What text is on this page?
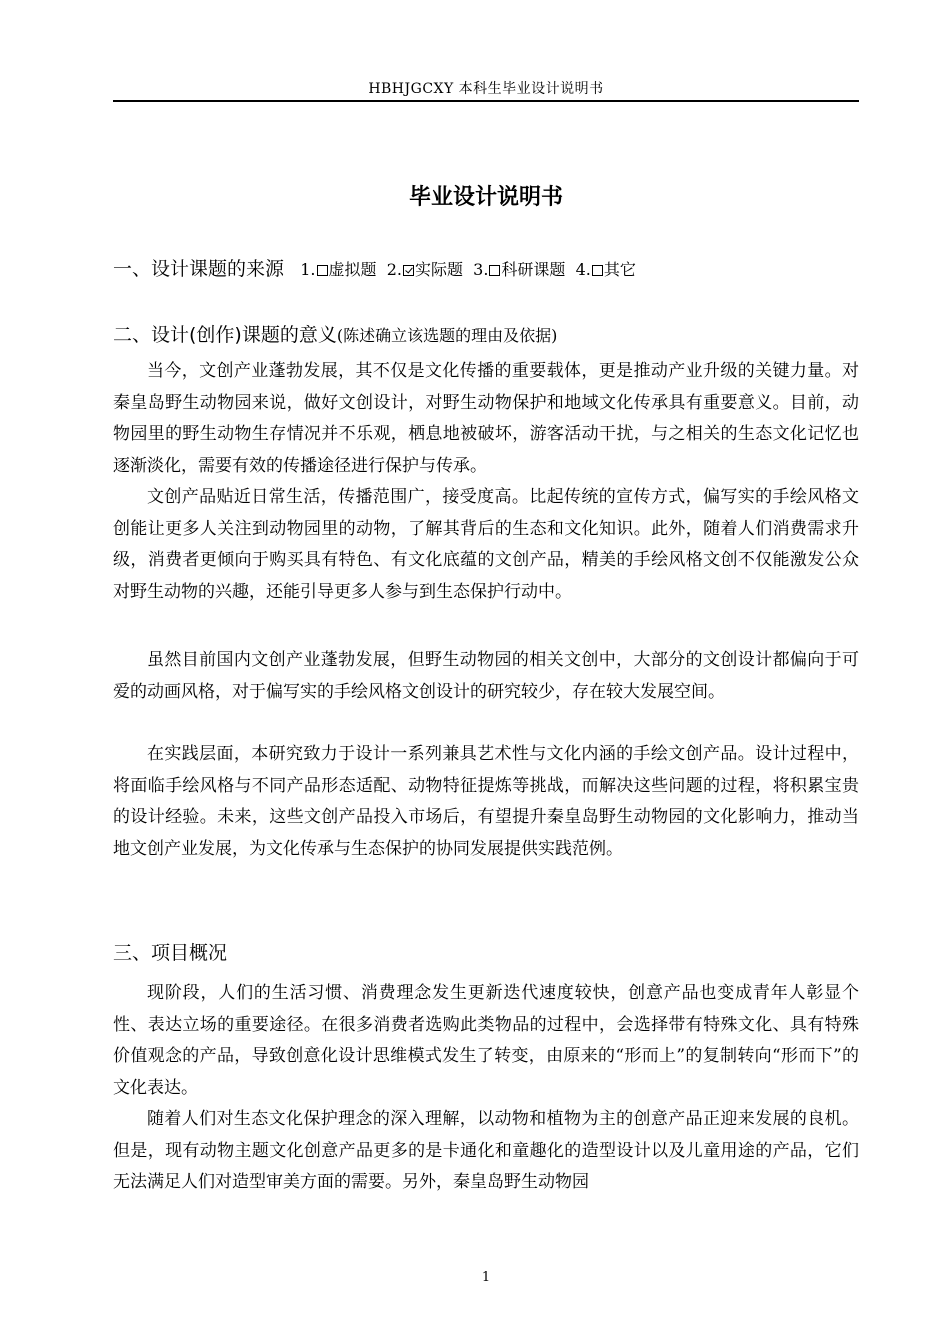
HBHJGCXY 本科生毕业设计说明书
毕业设计说明书
一、设计课题的来源 1. 虚拟题 2. 实际题 3. 科研课题 4. 其它
二、设计(创作)课题的意义(陈述确立该选题的理由及依据)

当今，文创产业蓬勃发展，其不仅是文化传播的重要载体，更是推动产业升级的关键力量。对秦皇岛野生动物园来说，做好文创设计，对野生动物保护和地域文化传承具有重要意义。目前，动物园里的野生动物生存情况并不乐观，栖息地被破坏，游客活动干扰，与之相关的生态文化记忆也逐渐淡化，需要有效的传播途径进行保护与传承。

文创产品贴近日常生活，传播范围广，接受度高。比起传统的宣传方式，偏写实的手绘风格文创能让更多人关注到动物园里的动物，了解其背后的生态和文化知识。此外，随着人们消费需求升级，消费者更倾向于购买具有特色、有文化底蕴的文创产品，精美的手绘风格文创不仅能激发公众对野生动物的兴趣，还能引导更多人参与到生态保护行动中。

虽然目前国内文创产业蓬勃发展，但野生动物园的相关文创中，大部分的文创设计都偏向于可爱的动画风格，对于偏写实的手绘风格文创设计的研究较少，存在较大发展空间。

在实践层面，本研究致力于设计一系列兼具艺术性与文化内涵的手绘文创产品。设计过程中，将面临手绘风格与不同产品形态适配、动物特征提炼等挑战，而解决这些问题的过程，将积累宝贵的设计经验。未来，这些文创产品投入市场后，有望提升秦皇岛野生动物园的文化影响力，推动当地文创产业发展，为文化传承与生态保护的协同发展提供实践范例。

三、项目概况

现阶段，人们的生活习惯、消费理念发生更新迭代速度较快，创意产品也变成青年人彰显个性、表达立场的重要途径。在很多消费者选购此类物品的过程中，会选择带有特殊文化、具有特殊价值观念的产品，导致创意化设计思维模式发生了转变，由原来的“形而上”的复制转向“形而下”的文化表达。

随着人们对生态文化保护理念的深入理解，以动物和植物为主的创意产品正迎来发展的良机。但是，现有动物主题文化创意产品更多的是卡通化和童趣化的造型设计以及儿童用途的产品，它们无法满足人们对造型审美方面的需要。另外，秦皇岛野生动物园

1
